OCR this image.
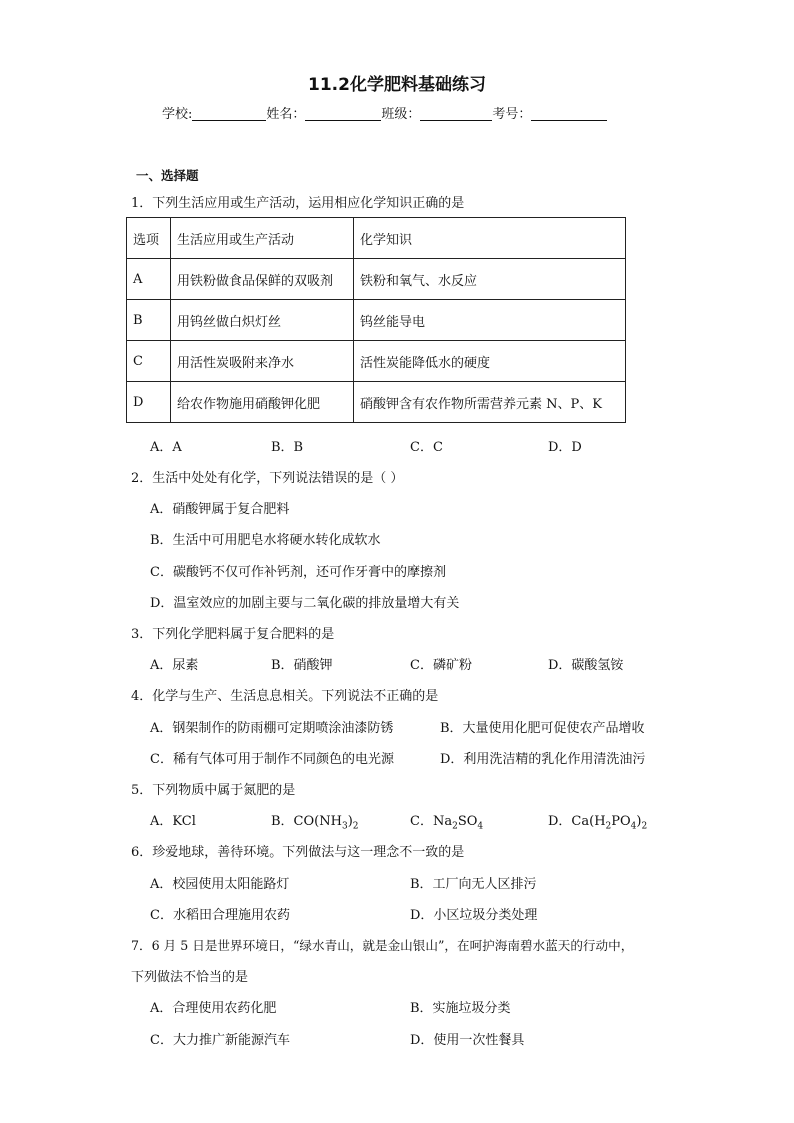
11.2化学肥料基础练习
学校:	姓名：	班级：	考号：
一、选择题
1．下列生活应用或生产活动，运用相应化学知识正确的是
选项	生活应用或生产活动	化学知识
A	用铁粉做食品保鲜的双吸剂	铁粉和氧气、水反应
B	用钨丝做白炽灯丝	钨丝能导电
C	用活性炭吸附来净水	活性炭能降低水的硬度
D	给农作物施用硝酸钾化肥	硝酸钾含有农作物所需营养元素 N、P、K
A．A	B．B	C．C	D．D
2．生活中处处有化学，下列说法错误的是（ ）
A．硝酸钾属于复合肥料
B．生活中可用肥皂水将硬水转化成软水
C．碳酸钙不仅可作补钙剂，还可作牙膏中的摩擦剂
D．温室效应的加剧主要与二氧化碳的排放量增大有关
3．下列化学肥料属于复合肥料的是
A．尿素	B．硝酸钾	C．磷矿粉	D．碳酸氢铵
4．化学与生产、生活息息相关。下列说法不正确的是
A．钢架制作的防雨棚可定期喷涂油漆防锈	B．大量使用化肥可促使农产品增收
C．稀有气体可用于制作不同颜色的电光源	D．利用洗洁精的乳化作用清洗油污
5．下列物质中属于氮肥的是
A．KCl	B．$CO(NH_3)_2$	C．$Na_2SO_4$	D．$Ca(H_2PO_4)_2$
6．珍爱地球，善待环境。下列做法与这一理念不一致的是
A．校园使用太阳能路灯	B．工厂向无人区排污
C．水稻田合理施用农药	D．小区垃圾分类处理
7．6 月 5 日是世界环境日，“绿水青山，就是金山银山”，在呵护海南碧水蓝天的行动中，
下列做法不恰当的是
A．合理使用农药化肥	B．实施垃圾分类
C．大力推广新能源汽车	D．使用一次性餐具
